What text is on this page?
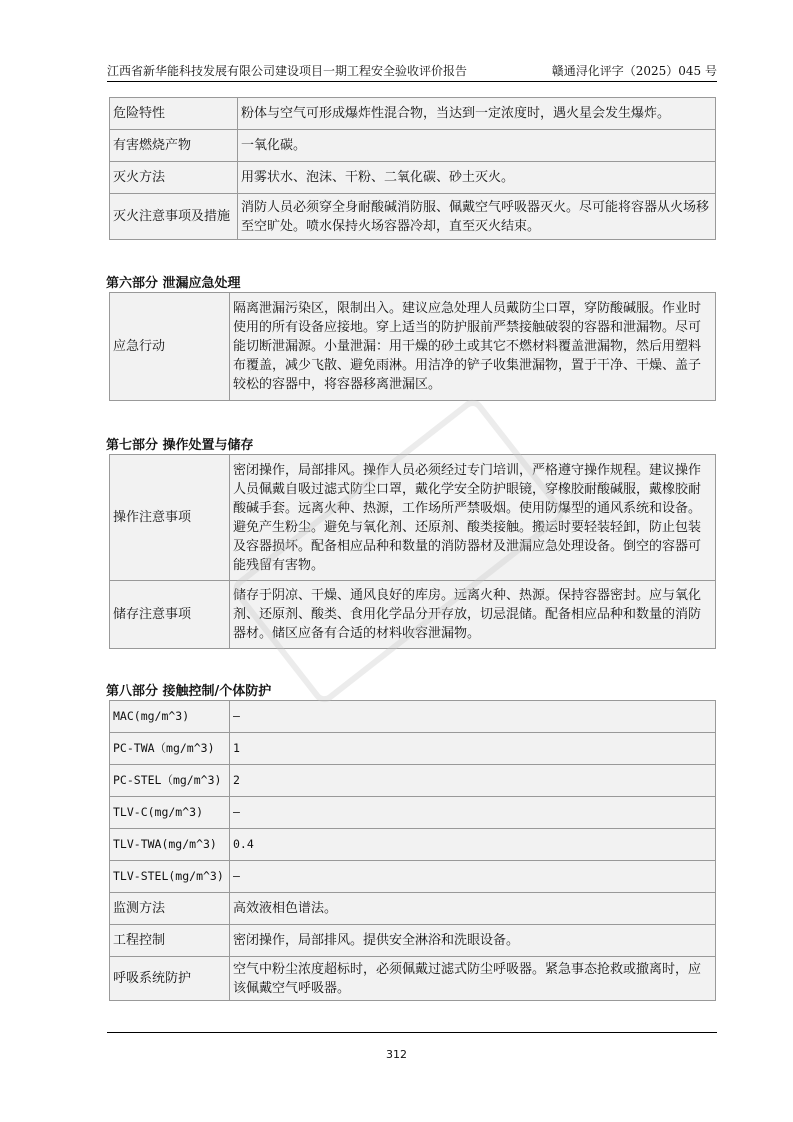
江西省新华能科技发展有限公司建设项目一期工程安全验收评价报告	赣通浔化评字（2025）045 号
危险特性	粉体与空气可形成爆炸性混合物，当达到一定浓度时，遇火星会发生爆炸。
有害燃烧产物	一氧化碳。
灭火方法	用雾状水、泡沫、干粉、二氧化碳、砂土灭火。
灭火注意事项及措施	消防人员必须穿全身耐酸碱消防服、佩戴空气呼吸器灭火。尽可能将容器从火场移至空旷处。喷水保持火场容器冷却，直至灭火结束。
第六部分 泄漏应急处理
应急行动	隔离泄漏污染区，限制出入。建议应急处理人员戴防尘口罩，穿防酸碱服。作业时使用的所有设备应接地。穿上适当的防护服前严禁接触破裂的容器和泄漏物。尽可能切断泄漏源。小量泄漏：用干燥的砂土或其它不燃材料覆盖泄漏物，然后用塑料布覆盖，减少飞散、避免雨淋。用洁净的铲子收集泄漏物，置于干净、干燥、盖子较松的容器中，将容器移离泄漏区。
第七部分 操作处置与储存
操作注意事项	密闭操作，局部排风。操作人员必须经过专门培训，严格遵守操作规程。建议操作人员佩戴自吸过滤式防尘口罩，戴化学安全防护眼镜，穿橡胶耐酸碱服，戴橡胶耐酸碱手套。远离火种、热源，工作场所严禁吸烟。使用防爆型的通风系统和设备。避免产生粉尘。避免与氧化剂、还原剂、酸类接触。搬运时要轻装轻卸，防止包装及容器损坏。配备相应品种和数量的消防器材及泄漏应急处理设备。倒空的容器可能残留有害物。
储存注意事项	储存于阴凉、干燥、通风良好的库房。远离火种、热源。保持容器密封。应与氧化剂、还原剂、酸类、食用化学品分开存放，切忌混储。配备相应品种和数量的消防器材。储区应备有合适的材料收容泄漏物。
第八部分 接触控制/个体防护
MAC(mg/m^3)	–
PC-TWA（mg/m^3)	1
PC-STEL（mg/m^3)	2
TLV-C(mg/m^3)	–
TLV-TWA(mg/m^3)	0.4
TLV-STEL(mg/m^3)	–
监测方法	高效液相色谱法。
工程控制	密闭操作，局部排风。提供安全淋浴和洗眼设备。
呼吸系统防护	空气中粉尘浓度超标时，必须佩戴过滤式防尘呼吸器。紧急事态抢救或撤离时，应该佩戴空气呼吸器。
312
